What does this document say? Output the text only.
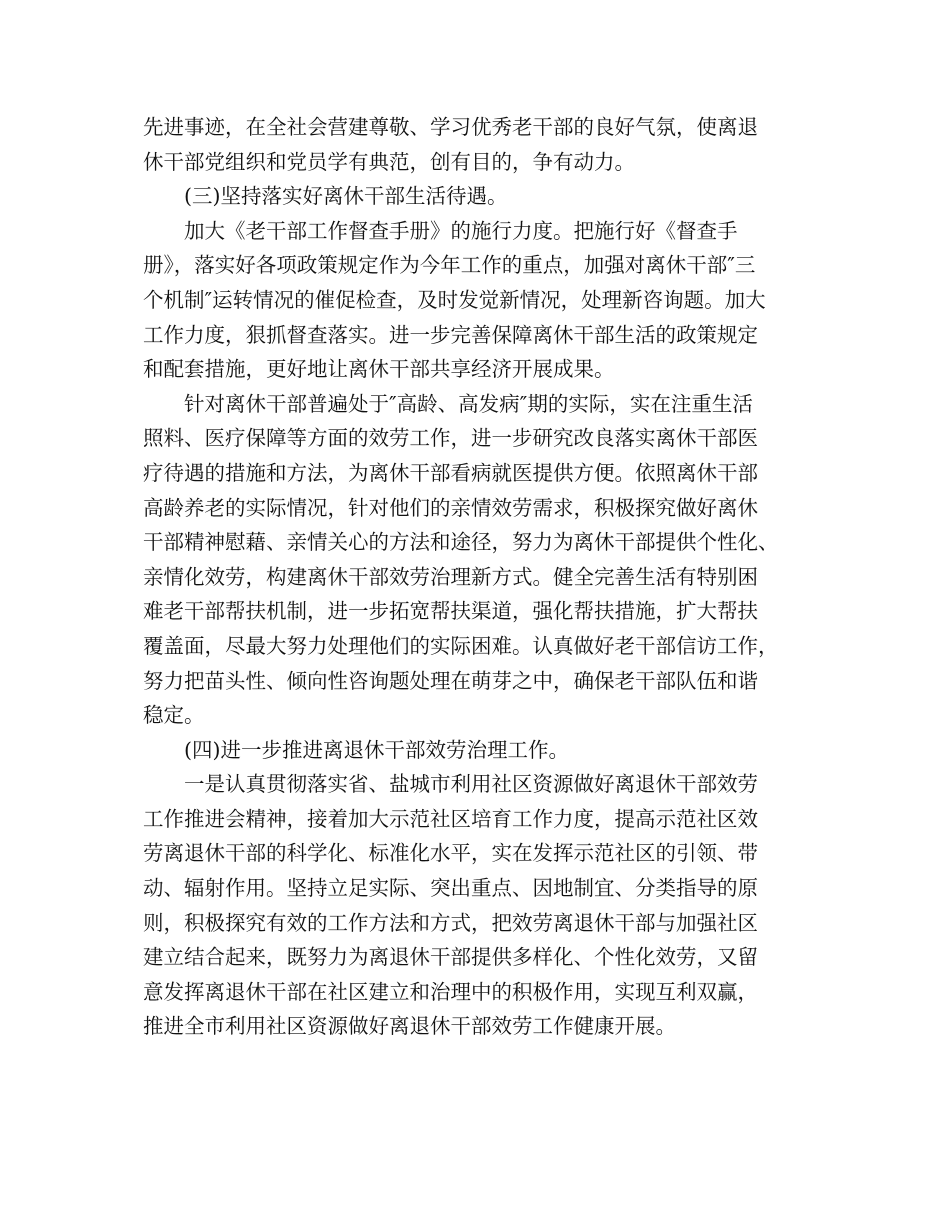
先进事迹，在全社会营建尊敬、学习优秀老干部的良好气氛，使离退
休干部党组织和党员学有典范，创有目的，争有动力。
(三)坚持落实好离休干部生活待遇。
加大《老干部工作督查手册》的施行力度。把施行好《督查手
册》，落实好各项政策规定作为今年工作的重点，加强对离休干部″三
个机制″运转情况的催促检查，及时发觉新情况，处理新咨询题。加大
工作力度，狠抓督查落实。进一步完善保障离休干部生活的政策规定
和配套措施，更好地让离休干部共享经济开展成果。
针对离休干部普遍处于″高龄、高发病″期的实际，实在注重生活
照料、医疗保障等方面的效劳工作，进一步研究改良落实离休干部医
疗待遇的措施和方法，为离休干部看病就医提供方便。依照离休干部
高龄养老的实际情况，针对他们的亲情效劳需求，积极探究做好离休
干部精神慰藉、亲情关心的方法和途径，努力为离休干部提供个性化、
亲情化效劳，构建离休干部效劳治理新方式。健全完善生活有特别困
难老干部帮扶机制，进一步拓宽帮扶渠道，强化帮扶措施，扩大帮扶
覆盖面，尽最大努力处理他们的实际困难。认真做好老干部信访工作，
努力把苗头性、倾向性咨询题处理在萌芽之中，确保老干部队伍和谐
稳定。
(四)进一步推进离退休干部效劳治理工作。
一是认真贯彻落实省、盐城市利用社区资源做好离退休干部效劳
工作推进会精神，接着加大示范社区培育工作力度，提高示范社区效
劳离退休干部的科学化、标准化水平，实在发挥示范社区的引领、带
动、辐射作用。坚持立足实际、突出重点、因地制宜、分类指导的原
则，积极探究有效的工作方法和方式，把效劳离退休干部与加强社区
建立结合起来，既努力为离退休干部提供多样化、个性化效劳，又留
意发挥离退休干部在社区建立和治理中的积极作用，实现互利双赢，
推进全市利用社区资源做好离退休干部效劳工作健康开展。
